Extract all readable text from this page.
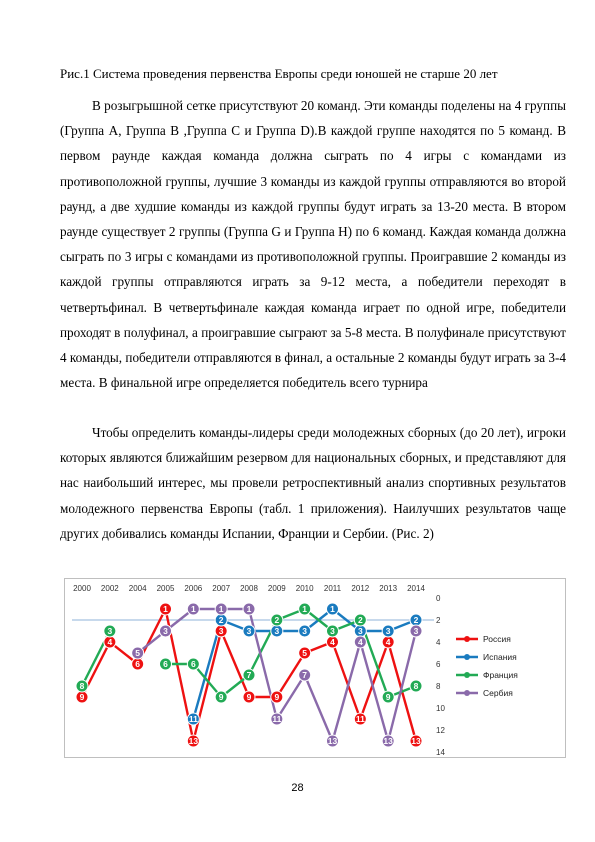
Рис.1 Система проведения первенства Европы среди юношей не старше 20 лет

В розыгрышной сетке присутствуют 20 команд. Эти команды поделены на 4 группы (Группа А, Группа В ,Группа С и Группа D).В каждой группе находятся по 5 команд. В первом раунде каждая команда должна сыграть по 4 игры с командами из противоположной группы, лучшие 3 команды из каждой группы отправляются во второй раунд, а две худшие команды из каждой группы будут играть за 13-20 места. В втором раунде существует 2 группы (Группа G и Группа H) по 6 команд. Каждая команда должна сыграть по 3 игры с командами из противоположной группы. Проигравшие 2 команды из каждой группы отправляются играть за 9-12 места, а победители переходят в четвертьфинал. В четвертьфинале каждая команда играет по одной игре, победители проходят в полуфинал, а проигравшие сыграют за 5-8 места. В полуфинале присутствуют 4 команды, победители отправляются в финал, а остальные 2 команды будут играть за 3-4 места. В финальной игре определяется победитель всего турнира

Чтобы определить команды-лидеры среди молодежных сборных (до 20 лет), игроки которых являются ближайшим резервом для национальных сборных, и представляют для нас наибольший интерес, мы провели ретроспективный анализ спортивных результатов молодежного первенства Европы (табл. 1 приложения). Наилучших результатов чаще других добивались команды Испании, Франции и Сербии. (Рис. 2)

2000 2002 2004 2005 2006 2007 2008 2009 2010 2011 2012 2013 2014
0
2
4
6
8
10
12
14
9
4
6
1
13
3
9	9
5
4
11
4
13
11
2
3	3	3
1
3	3
2
8
3
6	6
9
7
2
1
3
2
9
8
5
3
1	1	1
11
7
13
4
13
3
Россия
Испания
Франция
Сербия
28
